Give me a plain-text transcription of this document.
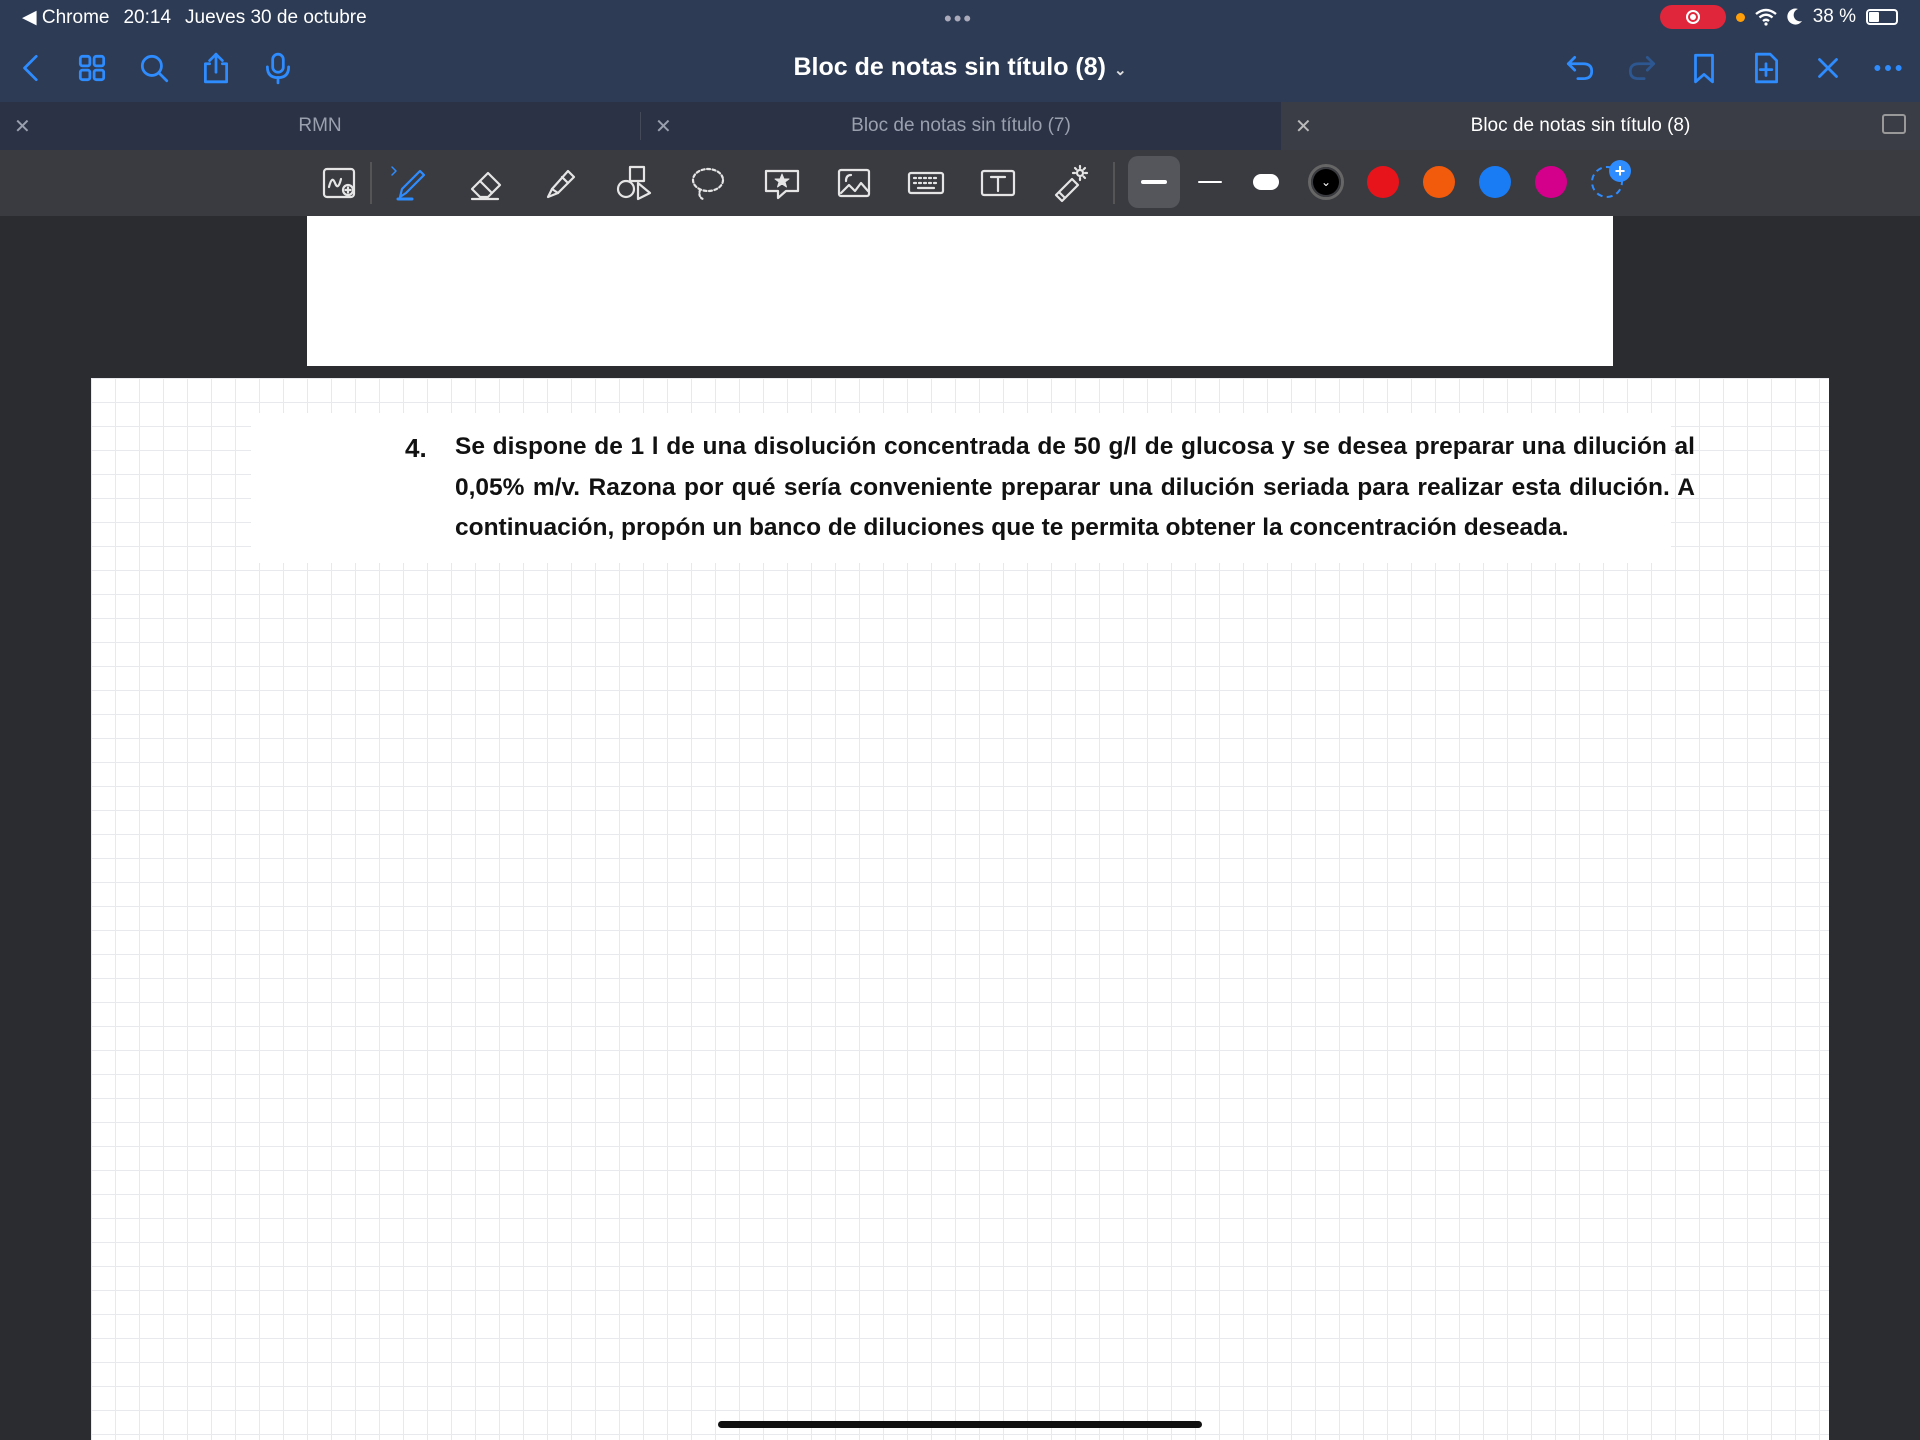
◀ Chrome 20:14 Jueves 30 de octubre	•••	38 %
Bloc de notas sin título (8) ⌄
✕	RMN	✕	Bloc de notas sin título (7)	✕	Bloc de notas sin título (8)
⌄
+
4. Se dispone de 1 l de una disolución concentrada de 50 g/l de glucosa y se desea preparar una dilución al 0,05% m/v. Razona por qué sería conveniente preparar una dilución seriada para realizar esta dilución. A continuación, propón un banco de diluciones que te permita obtener la concentración deseada.
